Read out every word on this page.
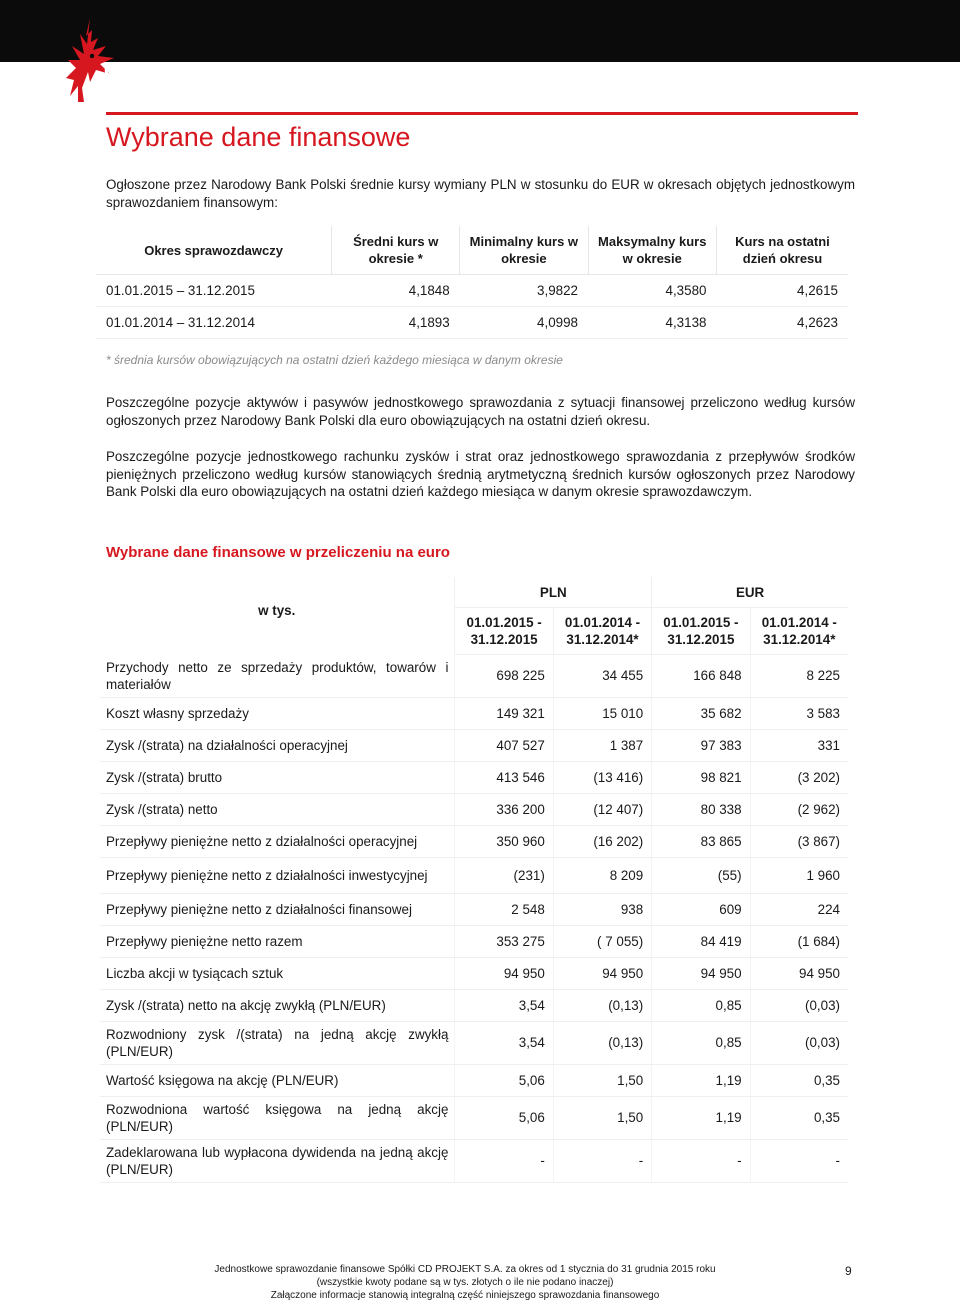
CD PROJEKT
Wybrane dane finansowe

Ogłoszone przez Narodowy Bank Polski średnie kursy wymiany PLN w stosunku do EUR w okresach objętych jednostkowym sprawozdaniem finansowym:

Okres sprawozdawczy	Średni kurs w okresie *	Minimalny kurs w okresie	Maksymalny kurs w okresie	Kurs na ostatni dzień okresu
01.01.2015 – 31.12.2015	4,1848	3,9822	4,3580	4,2615
01.01.2014 – 31.12.2014	4,1893	4,0998	4,3138	4,2623

* średnia kursów obowiązujących na ostatni dzień każdego miesiąca w danym okresie

Poszczególne pozycje aktywów i pasywów jednostkowego sprawozdania z sytuacji finansowej przeliczono według kursów ogłoszonych przez Narodowy Bank Polski dla euro obowiązujących na ostatni dzień okresu.

Poszczególne pozycje jednostkowego rachunku zysków i strat oraz jednostkowego sprawozdania z przepływów środków pieniężnych przeliczono według kursów stanowiących średnią arytmetyczną średnich kursów ogłoszonych przez Narodowy Bank Polski dla euro obowiązujących na ostatni dzień każdego miesiąca w danym okresie sprawozdawczym.

Wybrane dane finansowe w przeliczeniu na euro
w tys.	PLN		EUR	
	01.01.2015 - 31.12.2015	01.01.2014 - 31.12.2014*	01.01.2015 - 31.12.2015	01.01.2014 - 31.12.2014*
Przychody netto ze sprzedaży produktów, towarów i materiałów	698 225	34 455	166 848	8 225
Koszt własny sprzedaży	149 321	15 010	35 682	3 583
Zysk /(strata) na działalności operacyjnej	407 527	1 387	97 383	331
Zysk /(strata) brutto	413 546	(13 416)	98 821	(3 202)
Zysk /(strata) netto	336 200	(12 407)	80 338	(2 962)
Przepływy pieniężne netto z działalności operacyjnej	350 960	(16 202)	83 865	(3 867)
Przepływy pieniężne netto z działalności inwestycyjnej	(231)	8 209	(55)	1 960
Przepływy pieniężne netto z działalności finansowej	2 548	938	609	224
Przepływy pieniężne netto razem	353 275	( 7 055)	84 419	(1 684)
Liczba akcji w tysiącach sztuk	94 950	94 950	94 950	94 950
Zysk /(strata) netto na akcję zwykłą (PLN/EUR)	3,54	(0,13)	0,85	(0,03)
Rozwodniony zysk /(strata) na jedną akcję zwykłą (PLN/EUR)	3,54	(0,13)	0,85	(0,03)
Wartość księgowa na akcję (PLN/EUR)	5,06	1,50	1,19	0,35
Rozwodniona wartość księgowa na jedną akcję (PLN/EUR)	5,06	1,50	1,19	0,35
Zadeklarowana lub wypłacona dywidenda na jedną akcję (PLN/EUR)	-	-	-	-
Jednostkowe sprawozdanie finansowe Spółki CD PROJEKT S.A. za okres od 1 stycznia do 31 grudnia 2015 roku
(wszystkie kwoty podane są w tys. złotych o ile nie podano inaczej)
Załączone informacje stanowią integralną część niniejszego sprawozdania finansowego
9
